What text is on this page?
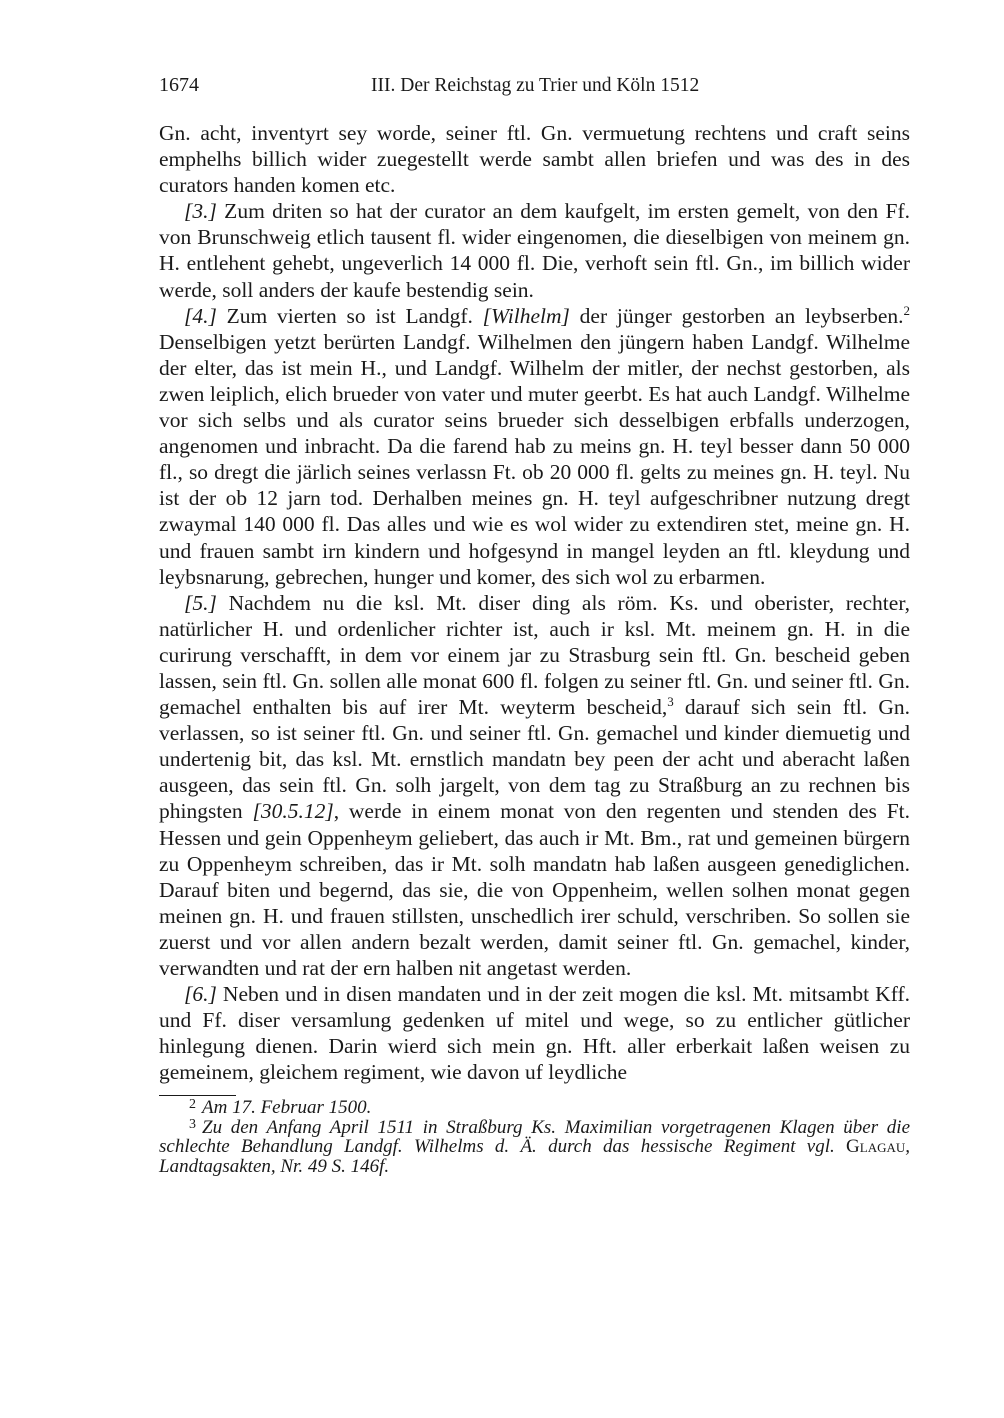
1674	III. Der Reichstag zu Trier und Köln 1512

Gn. acht, inventyrt sey worde, seiner ftl. Gn. vermuetung rechtens und craft seins emphelhs billich wider zuegestellt werde sambt allen briefen und was des in des curators handen komen etc.

[3.] Zum driten so hat der curator an dem kaufgelt, im ersten gemelt, von den Ff. von Brunschweig etlich tausent fl. wider eingenomen, die dieselbigen von meinem gn. H. entlehent gehebt, ungeverlich 14 000 fl. Die, verhoft sein ftl. Gn., im billich wider werde, soll anders der kaufe bestendig sein.

[4.] Zum vierten so ist Landgf. [Wilhelm] der jünger gestorben an leybserben.$^2$ Denselbigen yetzt berürten Landgf. Wilhelmen den jüngern haben Landgf. Wilhelme der elter, das ist mein H., und Landgf. Wilhelm der mitler, der nechst gestorben, als zwen leiplich, elich brueder von vater und muter geerbt. Es hat auch Landgf. Wilhelme vor sich selbs und als curator seins brueder sich desselbigen erbfalls underzogen, angenomen und inbracht. Da die farend hab zu meins gn. H. teyl besser dann 50 000 fl., so dregt die järlich seines verlassn Ft. ob 20 000 fl. gelts zu meines gn. H. teyl. Nu ist der ob 12 jarn tod. Derhalben meines gn. H. teyl aufgeschribner nutzung dregt zwaymal 140 000 fl. Das alles und wie es wol wider zu extendiren stet, meine gn. H. und frauen sambt irn kindern und hofgesynd in mangel leyden an ftl. kleydung und leybsnarung, gebrechen, hunger und komer, des sich wol zu erbarmen.

[5.] Nachdem nu die ksl. Mt. diser ding als röm. Ks. und oberister, rechter, natürlicher H. und ordenlicher richter ist, auch ir ksl. Mt. meinem gn. H. in die curirung verschafft, in dem vor einem jar zu Strasburg sein ftl. Gn. bescheid geben lassen, sein ftl. Gn. sollen alle monat 600 fl. folgen zu seiner ftl. Gn. und seiner ftl. Gn. gemachel enthalten bis auf irer Mt. weyterm bescheid,$^3$ darauf sich sein ftl. Gn. verlassen, so ist seiner ftl. Gn. und seiner ftl. Gn. gemachel und kinder diemuetig und undertenig bit, das ksl. Mt. ernstlich mandatn bey peen der acht und aberacht laßen ausgeen, das sein ftl. Gn. solh jargelt, von dem tag zu Straßburg an zu rechnen bis phingsten [30.5.12], werde in einem monat von den regenten und stenden des Ft. Hessen und gein Oppenheym geliebert, das auch ir Mt. Bm., rat und gemeinen bürgern zu Oppenheym schreiben, das ir Mt. solh mandatn hab laßen ausgeen genediglichen. Darauf biten und begernd, das sie, die von Oppenheim, wellen solhen monat gegen meinen gn. H. und frauen stillsten, unschedlich irer schuld, verschriben. So sollen sie zuerst und vor allen andern bezalt werden, damit seiner ftl. Gn. gemachel, kinder, verwandten und rat der ern halben nit angetast werden.

[6.] Neben und in disen mandaten und in der zeit mogen die ksl. Mt. mitsambt Kff. und Ff. diser versamlung gedenken uf mitel und wege, so zu entlicher gütlicher hinlegung dienen. Darin wierd sich mein gn. Hft. aller erberkait laßen weisen zu gemeinem, gleichem regiment, wie davon uf leydliche

$^2$ Am 17. Februar 1500.

$^3$ Zu den Anfang April 1511 in Straßburg Ks. Maximilian vorgetragenen Klagen über die schlechte Behandlung Landgf. Wilhelms d. Ä. durch das hessische Regiment vgl. Glagau, Landtagsakten, Nr. 49 S. 146f.
